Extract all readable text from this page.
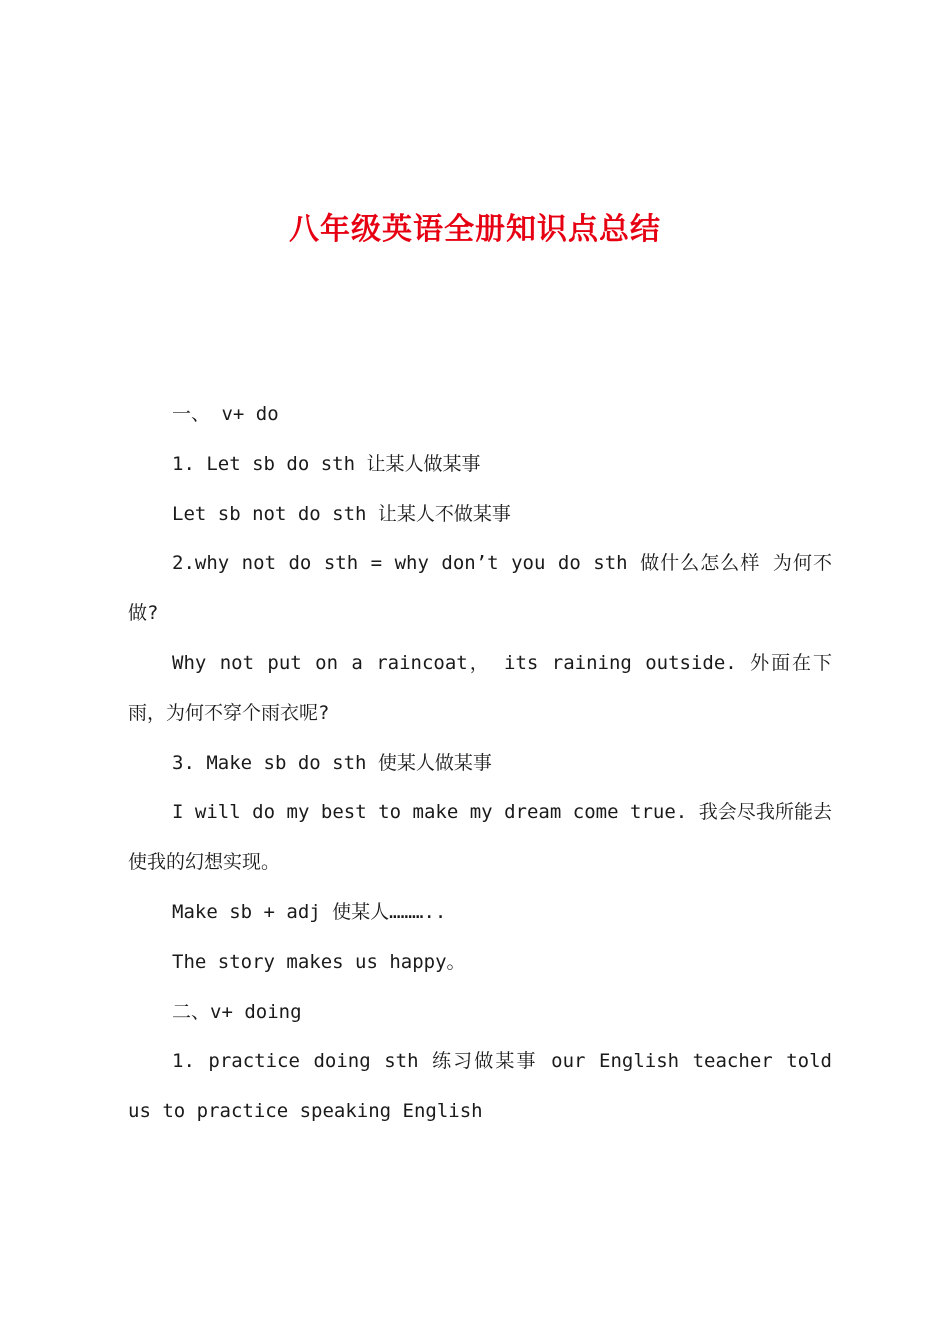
八年级英语全册知识点总结

一、 v+ do

1. Let sb do sth 让某人做某事

Let sb not do sth 让某人不做某事

2.why not do sth = why don’t you do sth 做什么怎么样 为何不做?

Why not put on a raincoat， its raining outside. 外面在下雨，为何不穿个雨衣呢?

3. Make sb do sth 使某人做某事

I will do my best to make my dream come true. 我会尽我所能去使我的幻想实现。

Make sb + adj 使某人………..

The story makes us happy。

二、v+ doing

1. practice doing sth 练习做某事 our English teacher told us to practice speaking English
